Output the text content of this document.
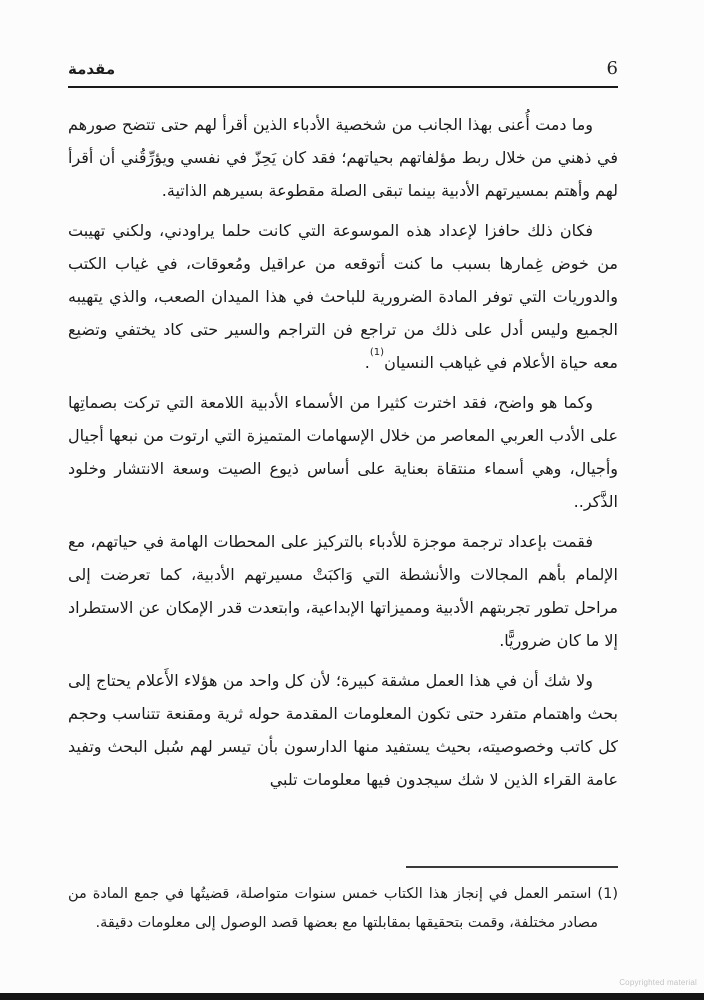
مقدمة	6

وما دمت أُعنى بهذا الجانب من شخصية الأدباء الذين أقرأ لهم حتى تتضح صورهم في ذهني من خلال ربط مؤلفاتهم بحياتهم؛ فقد كان يَحِزّ في نفسي ويؤرِّقُني أن أقرأ لهم وأهتم بمسيرتهم الأدبية بينما تبقى الصلة مقطوعة بسيرهم الذاتية.

فكان ذلك حافزا لإعداد هذه الموسوعة التي كانت حلما يراودني، ولكني تهيبت من خوض غِمارها بسبب ما كنت أتوقعه من عراقيل ومُعوقات، في غياب الكتب والدوريات التي توفر المادة الضرورية للباحث في هذا الميدان الصعب، والذي يتهيبه الجميع وليس أدل على ذلك من تراجع فن التراجم والسير حتى كاد يختفي وتضيع معه حياة الأعلام في غياهب النسيان$^{(1)}$.

وكما هو واضح، فقد اخترت كثيرا من الأسماء الأدبية اللامعة التي تركت بصماتِها على الأدب العربي المعاصر من خلال الإسهامات المتميزة التي ارتوت من نبعها أجيال وأجيال، وهي أسماء منتقاة بعناية على أساس ذيوع الصيت وسعة الانتشار وخلود الذَّكر..

فقمت بإعداد ترجمة موجزة للأدباء بالتركيز على المحطات الهامة في حياتهم، مع الإلمام بأهم المجالات والأنشطة التي وَاكبَتْ مسيرتهم الأدبية، كما تعرضت إلى مراحل تطور تجربتهم الأدبية ومميزاتها الإبداعية، وابتعدت قدر الإمكان عن الاستطراد إلا ما كان ضروريًّا.

ولا شك أن في هذا العمل مشقة كبيرة؛ لأن كل واحد من هؤلاء الأَعلام يحتاج إلى بحث واهتمام متفرد حتى تكون المعلومات المقدمة حوله ثرية ومقنعة تتناسب وحجم كل كاتب وخصوصيته، بحيث يستفيد منها الدارسون بأن تيسر لهم سُبل البحث وتفيد عامة القراء الذين لا شك سيجدون فيها معلومات تلبي

(1) استمر العمل في إنجاز هذا الكتاب خمس سنوات متواصلة، قضيتُها في جمع المادة من مصادر مختلفة، وقمت بتحقيقها بمقابلتها مع بعضها قصد الوصول إلى معلومات دقيقة.

Copyrighted material
